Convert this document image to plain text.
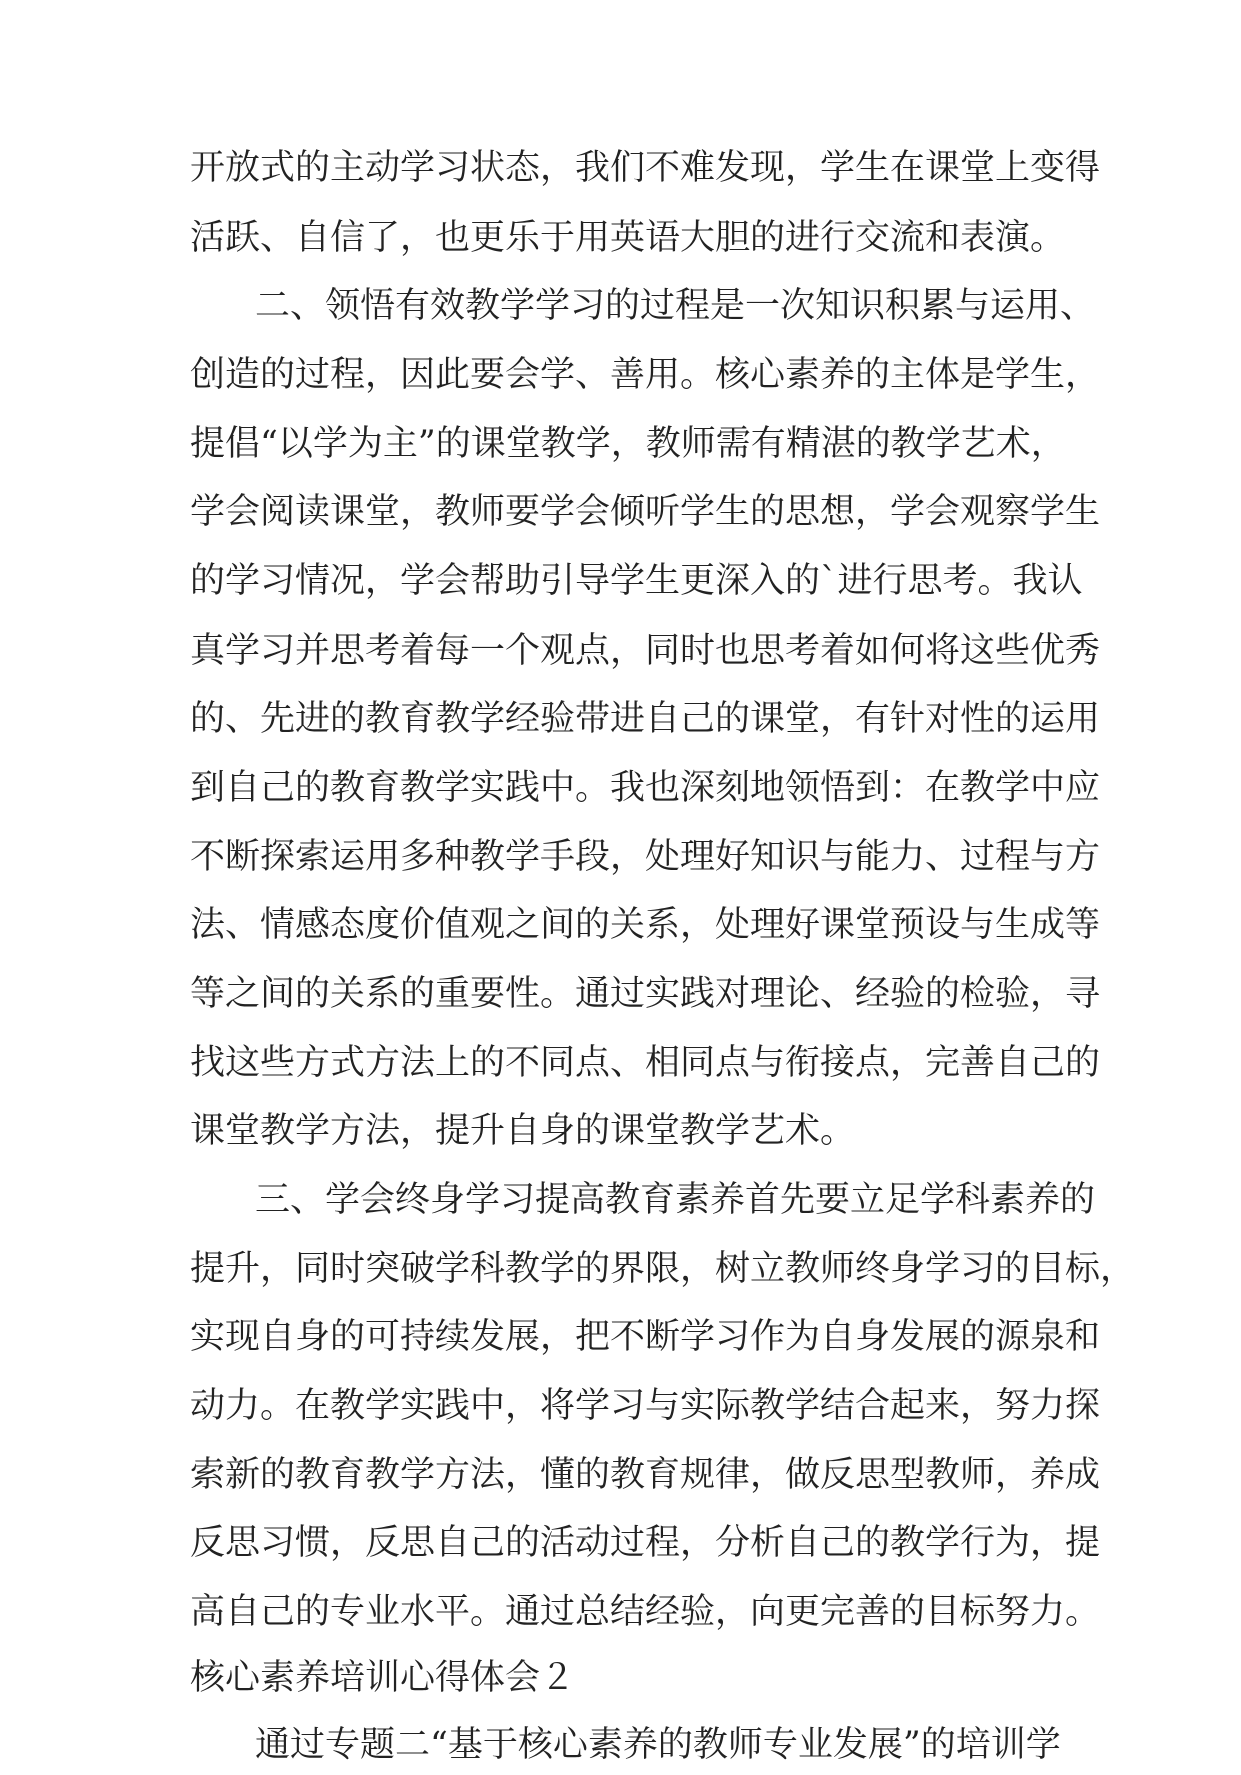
开放式的主动学习状态，我们不难发现，学生在课堂上变得
活跃、自信了，也更乐于用英语大胆的进行交流和表演。
二、领悟有效教学学习的过程是一次知识积累与运用、
创造的过程，因此要会学、善用。核心素养的主体是学生，
提倡“以学为主”的课堂教学，教师需有精湛的教学艺术，
学会阅读课堂，教师要学会倾听学生的思想，学会观察学生
的学习情况，学会帮助引导学生更深入的`进行思考。我认
真学习并思考着每一个观点，同时也思考着如何将这些优秀
的、先进的教育教学经验带进自己的课堂，有针对性的运用
到自己的教育教学实践中。我也深刻地领悟到：在教学中应
不断探索运用多种教学手段，处理好知识与能力、过程与方
法、情感态度价值观之间的关系，处理好课堂预设与生成等
等之间的关系的重要性。通过实践对理论、经验的检验，寻
找这些方式方法上的不同点、相同点与衔接点，完善自己的
课堂教学方法，提升自身的课堂教学艺术。
三、学会终身学习提高教育素养首先要立足学科素养的
提升，同时突破学科教学的界限，树立教师终身学习的目标，
实现自身的可持续发展，把不断学习作为自身发展的源泉和
动力。在教学实践中，将学习与实际教学结合起来，努力探
索新的教育教学方法，懂的教育规律，做反思型教师，养成
反思习惯，反思自己的活动过程，分析自己的教学行为，提
高自己的专业水平。通过总结经验，向更完善的目标努力。
核心素养培训心得体会２
通过专题二“基于核心素养的教师专业发展”的培训学
